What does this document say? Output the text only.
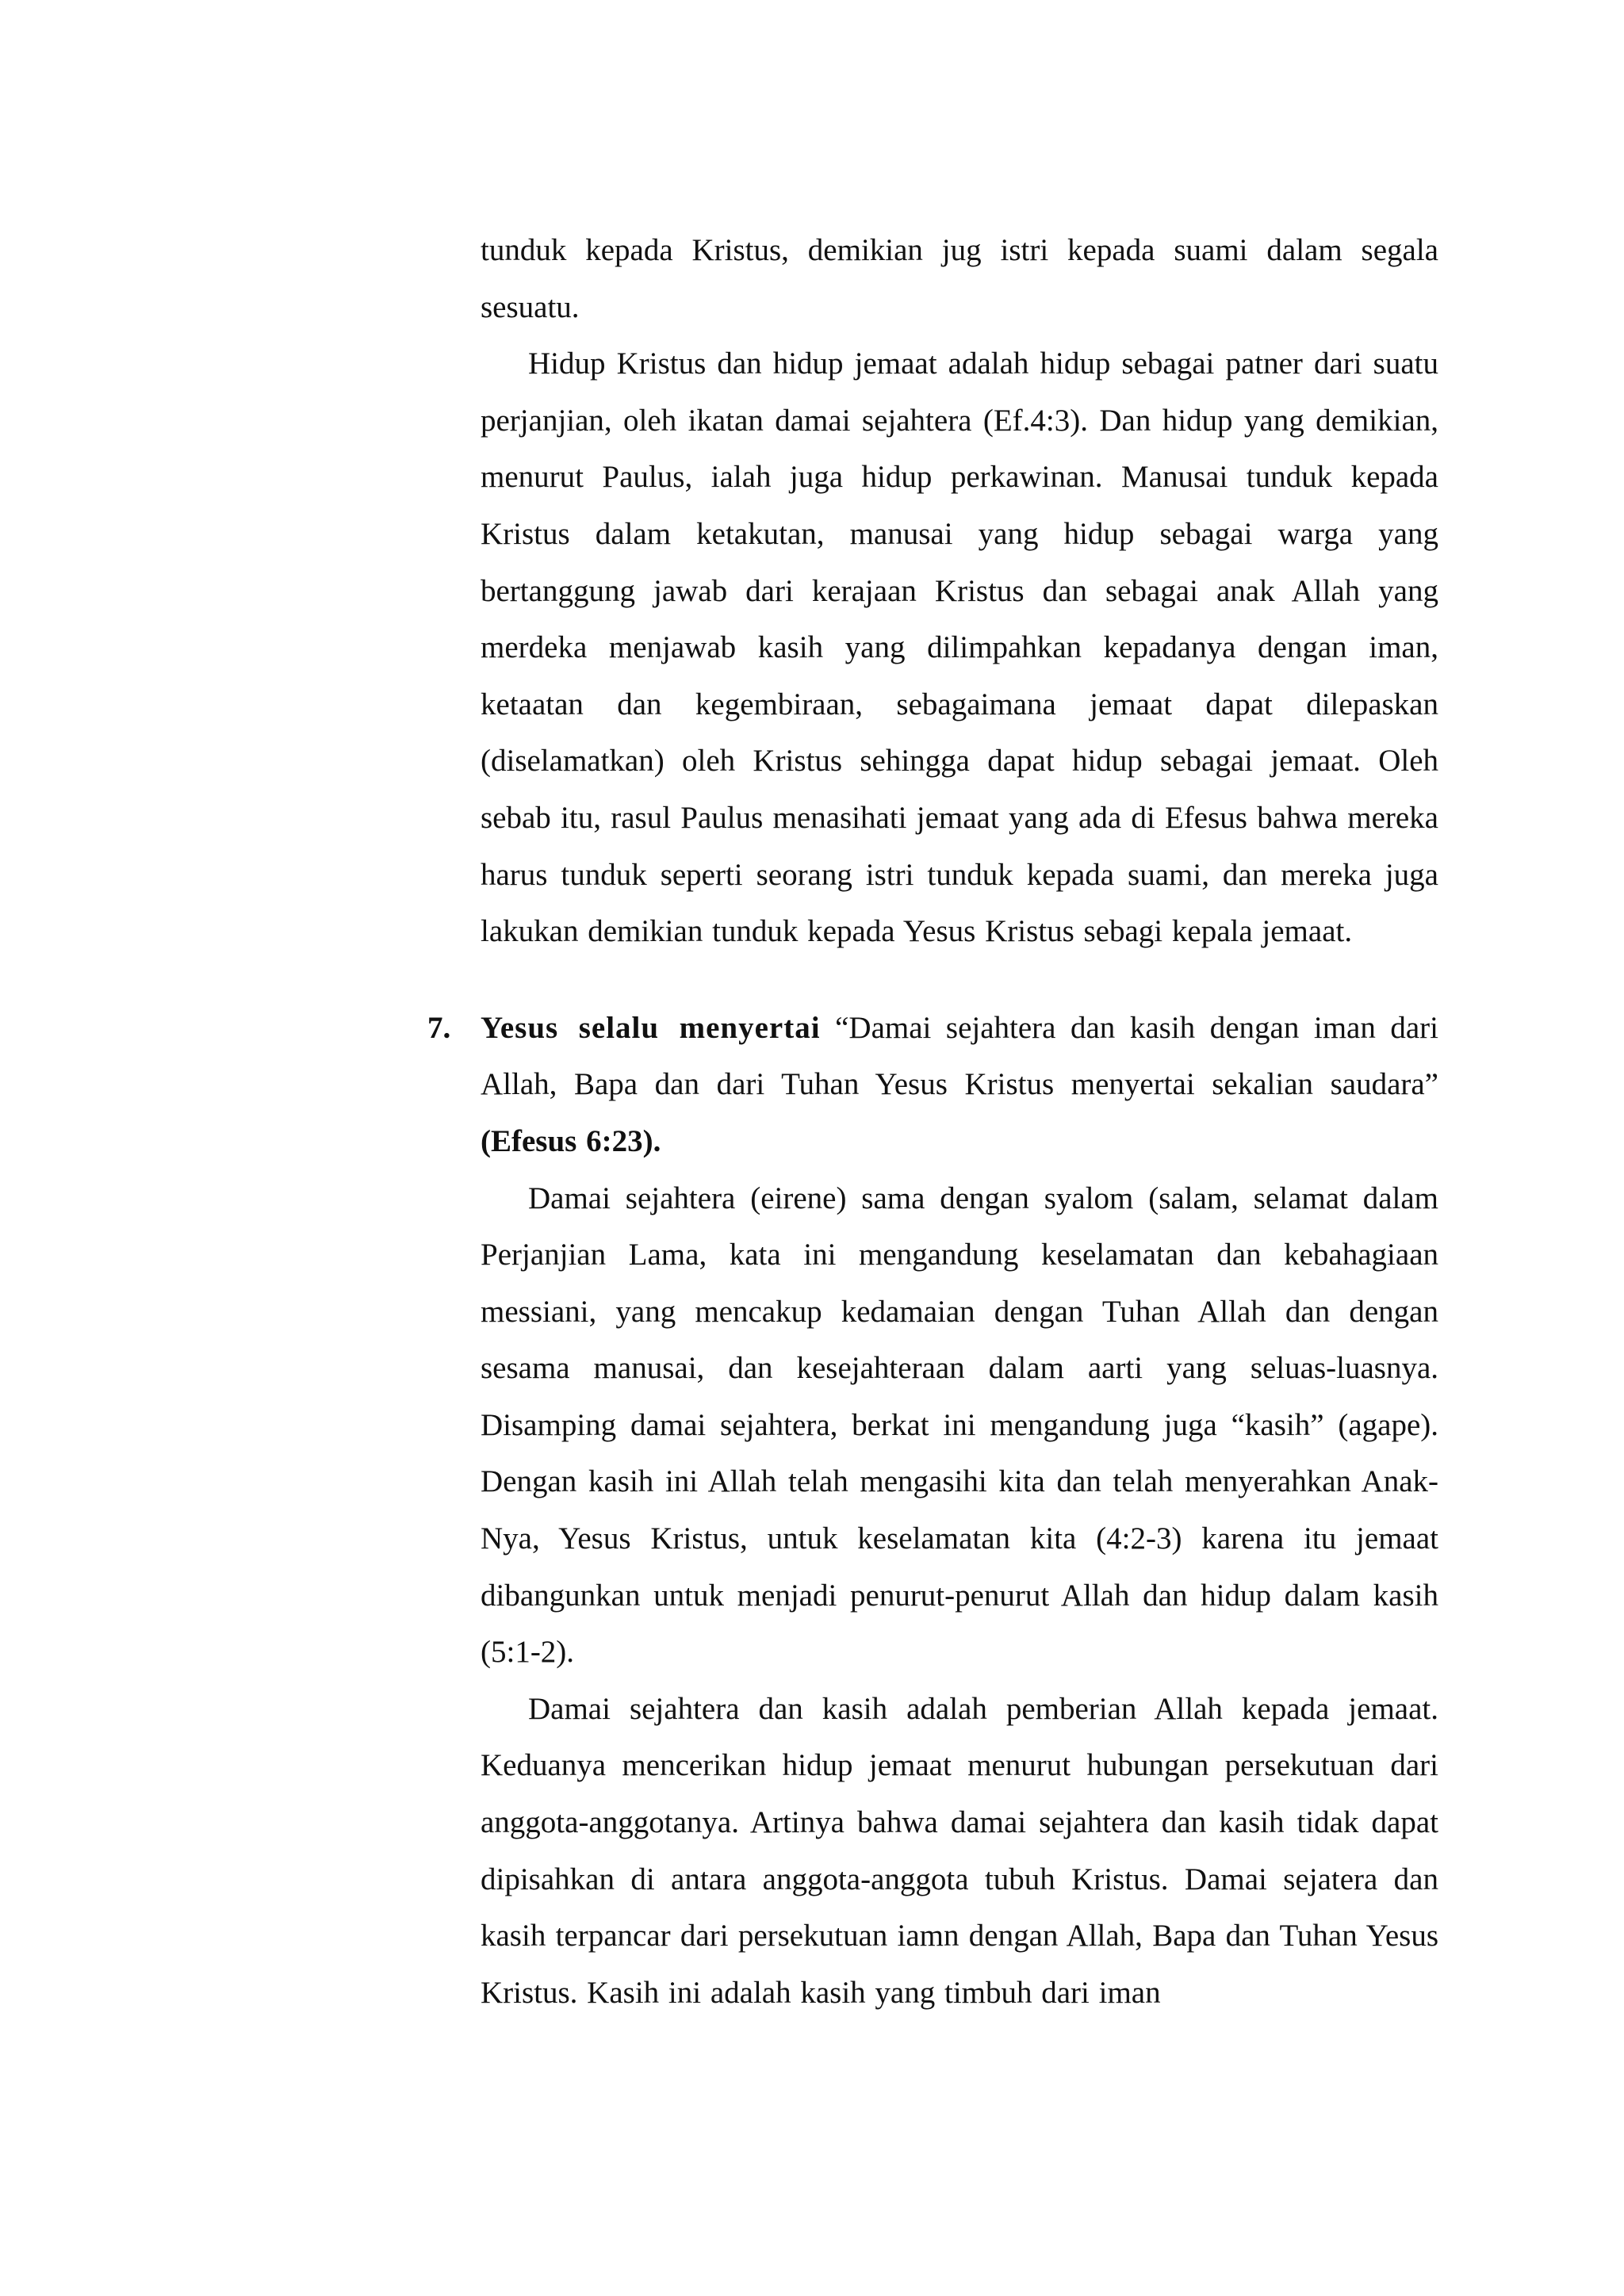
tunduk kepada Kristus, demikian jug istri kepada suami dalam segala sesuatu.

Hidup Kristus dan hidup jemaat adalah hidup sebagai patner dari suatu perjanjian, oleh ikatan damai sejahtera (Ef.4:3). Dan hidup yang demikian, menurut Paulus, ialah juga hidup perkawinan. Manusai tunduk kepada Kristus dalam ketakutan, manusai yang hidup sebagai warga yang bertanggung jawab dari kerajaan Kristus dan sebagai anak Allah yang merdeka menjawab kasih yang dilimpahkan kepadanya dengan iman, ketaatan dan kegembiraan, sebagaimana jemaat dapat dilepaskan (diselamatkan) oleh Kristus sehingga dapat hidup sebagai jemaat. Oleh sebab itu, rasul Paulus menasihati jemaat yang ada di Efesus bahwa mereka harus tunduk seperti seorang istri tunduk kepada suami, dan mereka juga lakukan demikian tunduk kepada Yesus Kristus sebagi kepala jemaat.

7. Yesus selalu menyertai “Damai sejahtera dan kasih dengan iman dari Allah, Bapa dan dari Tuhan Yesus Kristus menyertai sekalian saudara” (Efesus 6:23).

Damai sejahtera (eirene) sama dengan syalom (salam, selamat dalam Perjanjian Lama, kata ini mengandung keselamatan dan kebahagiaan messiani, yang mencakup kedamaian dengan Tuhan Allah dan dengan sesama manusai, dan kesejahteraan dalam aarti yang seluas-luasnya. Disamping damai sejahtera, berkat ini mengandung juga “kasih” (agape). Dengan kasih ini Allah telah mengasihi kita dan telah menyerahkan Anak-Nya, Yesus Kristus, untuk keselamatan kita (4:2-3) karena itu jemaat dibangunkan untuk menjadi penurut-penurut Allah dan hidup dalam kasih (5:1-2).

Damai sejahtera dan kasih adalah pemberian Allah kepada jemaat. Keduanya mencerikan hidup jemaat menurut hubungan persekutuan dari anggota-anggotanya. Artinya bahwa damai sejahtera dan kasih tidak dapat dipisahkan di antara anggota-anggota tubuh Kristus. Damai sejatera dan kasih terpancar dari persekutuan iamn dengan Allah, Bapa dan Tuhan Yesus Kristus. Kasih ini adalah kasih yang timbuh dari iman
